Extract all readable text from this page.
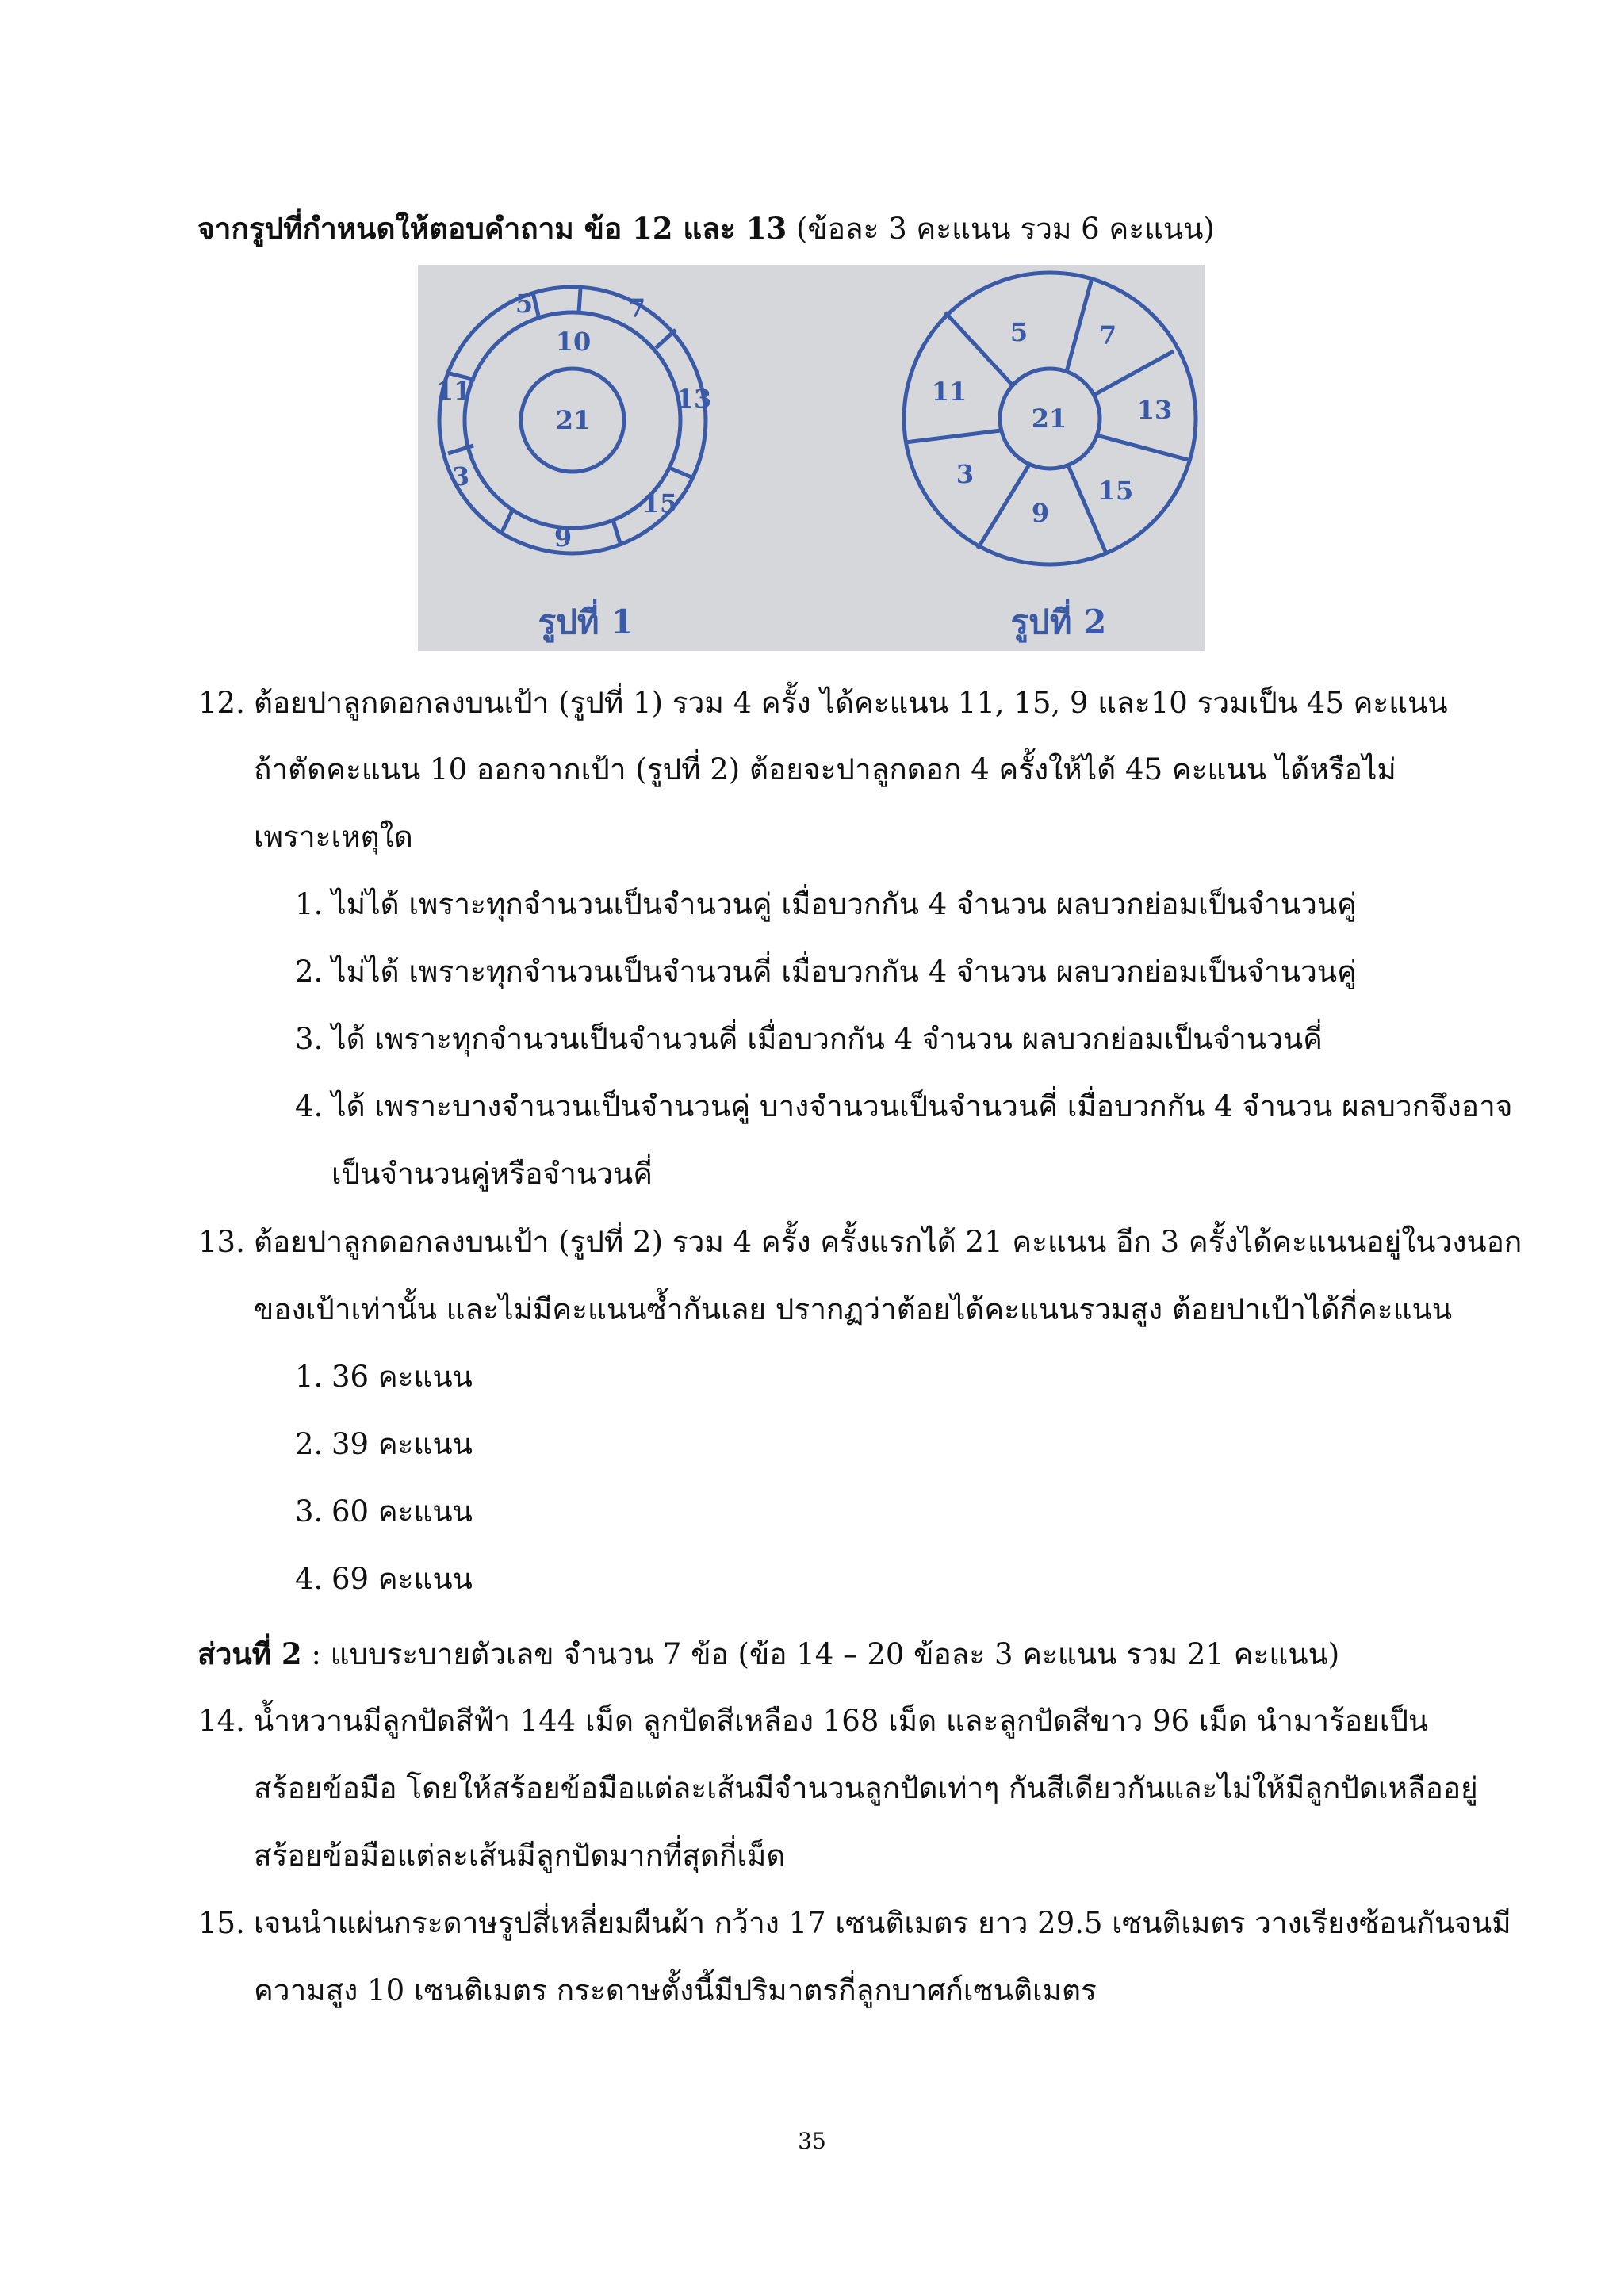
จากรูปที่กำหนดให้ตอบคำถาม ข้อ 12 และ 13 (ข้อละ 3 คะแนน รวม 6 คะแนน)
5	7
13
15
9
3
11
10
21
5	7
13
15
9
3
11
21
รูปที่ 1	รูปที่ 2
12. ต้อยปาลูกดอกลงบนเป้า (รูปที่ 1) รวม 4 ครั้ง ได้คะแนน 11, 15, 9 และ10 รวมเป็น 45 คะแนน
ถ้าตัดคะแนน 10 ออกจากเป้า (รูปที่ 2) ต้อยจะปาลูกดอก 4 ครั้งให้ได้ 45 คะแนน ได้หรือไม่
เพราะเหตุใด
1. ไม่ได้ เพราะทุกจำนวนเป็นจำนวนคู่ เมื่อบวกกัน 4 จำนวน ผลบวกย่อมเป็นจำนวนคู่
2. ไม่ได้ เพราะทุกจำนวนเป็นจำนวนคี่ เมื่อบวกกัน 4 จำนวน ผลบวกย่อมเป็นจำนวนคู่
3. ได้ เพราะทุกจำนวนเป็นจำนวนคี่ เมื่อบวกกัน 4 จำนวน ผลบวกย่อมเป็นจำนวนคี่
4. ได้ เพราะบางจำนวนเป็นจำนวนคู่ บางจำนวนเป็นจำนวนคี่ เมื่อบวกกัน 4 จำนวน ผลบวกจึงอาจ
เป็นจำนวนคู่หรือจำนวนคี่
13. ต้อยปาลูกดอกลงบนเป้า (รูปที่ 2) รวม 4 ครั้ง ครั้งแรกได้ 21 คะแนน อีก 3 ครั้งได้คะแนนอยู่ในวงนอก
ของเป้าเท่านั้น และไม่มีคะแนนซ้ำกันเลย ปรากฏว่าต้อยได้คะแนนรวมสูง ต้อยปาเป้าได้กี่คะแนน
1. 36 คะแนน
2. 39 คะแนน
3. 60 คะแนน
4. 69 คะแนน
ส่วนที่ 2 : แบบระบายตัวเลข จำนวน 7 ข้อ (ข้อ 14 – 20 ข้อละ 3 คะแนน รวม 21 คะแนน)
14. น้ำหวานมีลูกปัดสีฟ้า 144 เม็ด ลูกปัดสีเหลือง 168 เม็ด และลูกปัดสีขาว 96 เม็ด นำมาร้อยเป็น
สร้อยข้อมือ โดยให้สร้อยข้อมือแต่ละเส้นมีจำนวนลูกปัดเท่าๆ กันสีเดียวกันและไม่ให้มีลูกปัดเหลืออยู่
สร้อยข้อมือแต่ละเส้นมีลูกปัดมากที่สุดกี่เม็ด
15. เจนนำแผ่นกระดาษรูปสี่เหลี่ยมผืนผ้า กว้าง 17 เซนติเมตร ยาว 29.5 เซนติเมตร วางเรียงซ้อนกันจนมี
ความสูง 10 เซนติเมตร กระดาษตั้งนี้มีปริมาตรกี่ลูกบาศก์เซนติเมตร
35
